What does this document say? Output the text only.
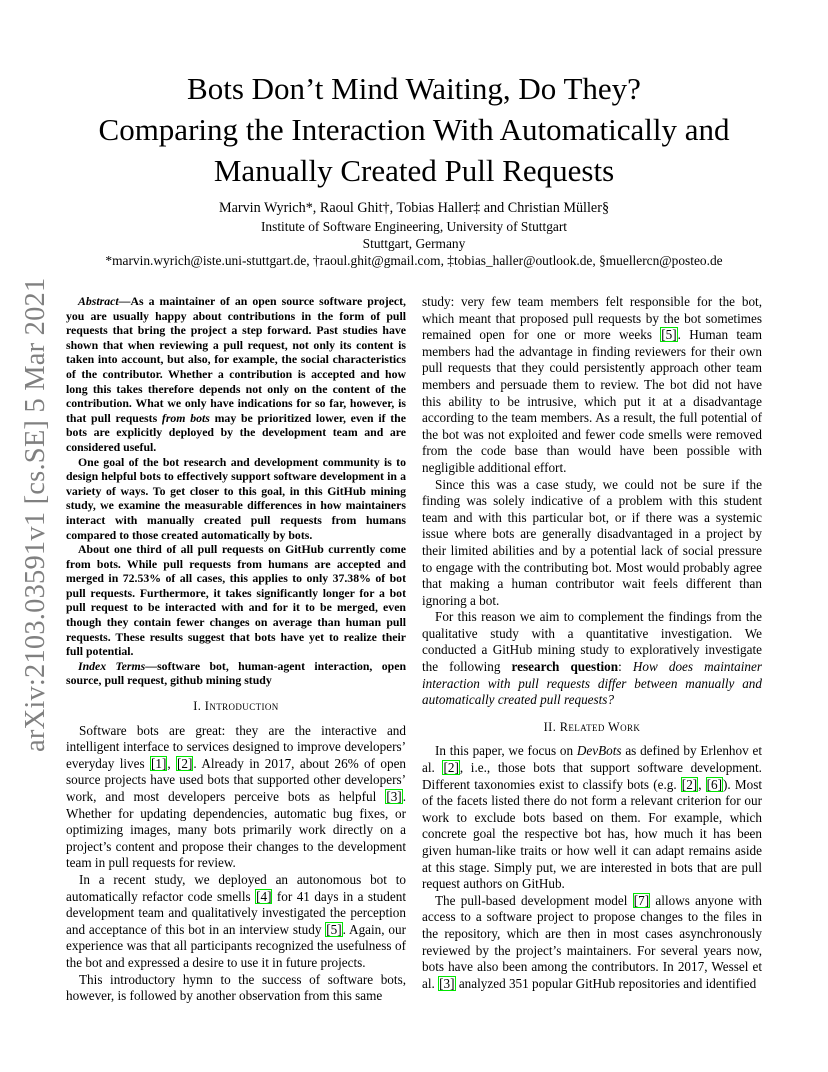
arXiv:2103.03591v1 [cs.SE] 5 Mar 2021
Bots Don’t Mind Waiting, Do They?
Comparing the Interaction With Automatically and
Manually Created Pull Requests
Marvin Wyrich*, Raoul Ghit†, Tobias Haller‡ and Christian Müller§
Institute of Software Engineering, University of Stuttgart
Stuttgart, Germany
*marvin.wyrich@iste.uni-stuttgart.de, †raoul.ghit@gmail.com, ‡tobias_haller@outlook.de, §muellercn@posteo.de

Abstract—As a maintainer of an open source software project, you are usually happy about contributions in the form of pull requests that bring the project a step forward. Past studies have shown that when reviewing a pull request, not only its content is taken into account, but also, for example, the social characteristics of the contributor. Whether a contribution is accepted and how long this takes therefore depends not only on the content of the contribution. What we only have indications for so far, however, is that pull requests from bots may be prioritized lower, even if the bots are explicitly deployed by the development team and are considered useful.

One goal of the bot research and development community is to design helpful bots to effectively support software development in a variety of ways. To get closer to this goal, in this GitHub mining study, we examine the measurable differences in how maintainers interact with manually created pull requests from humans compared to those created automatically by bots.

About one third of all pull requests on GitHub currently come from bots. While pull requests from humans are accepted and merged in 72.53% of all cases, this applies to only 37.38% of bot pull requests. Furthermore, it takes significantly longer for a bot pull request to be interacted with and for it to be merged, even though they contain fewer changes on average than human pull requests. These results suggest that bots have yet to realize their full potential.

Index Terms—software bot, human-agent interaction, open source, pull request, github mining study

I. Introduction

Software bots are great: they are the interactive and intelligent interface to services designed to improve developers’ everyday lives [1], [2]. Already in 2017, about 26% of open source projects have used bots that supported other developers’ work, and most developers perceive bots as helpful [3]. Whether for updating dependencies, automatic bug fixes, or optimizing images, many bots primarily work directly on a project’s content and propose their changes to the development team in pull requests for review.

In a recent study, we deployed an autonomous bot to automatically refactor code smells [4] for 41 days in a student development team and qualitatively investigated the perception and acceptance of this bot in an interview study [5]. Again, our experience was that all participants recognized the usefulness of the bot and expressed a desire to use it in future projects.

This introductory hymn to the success of software bots, however, is followed by another observation from this same

study: very few team members felt responsible for the bot, which meant that proposed pull requests by the bot sometimes remained open for one or more weeks [5]. Human team members had the advantage in finding reviewers for their own pull requests that they could persistently approach other team members and persuade them to review. The bot did not have this ability to be intrusive, which put it at a disadvantage according to the team members. As a result, the full potential of the bot was not exploited and fewer code smells were removed from the code base than would have been possible with negligible additional effort.

Since this was a case study, we could not be sure if the finding was solely indicative of a problem with this student team and with this particular bot, or if there was a systemic issue where bots are generally disadvantaged in a project by their limited abilities and by a potential lack of social pressure to engage with the contributing bot. Most would probably agree that making a human contributor wait feels different than ignoring a bot.

For this reason we aim to complement the findings from the qualitative study with a quantitative investigation. We conducted a GitHub mining study to exploratively investigate the following research question: How does maintainer interaction with pull requests differ between manually and automatically created pull requests?

II. Related Work

In this paper, we focus on DevBots as defined by Erlenhov et al. [2], i.e., those bots that support software development. Different taxonomies exist to classify bots (e.g. [2], [6]). Most of the facets listed there do not form a relevant criterion for our work to exclude bots based on them. For example, which concrete goal the respective bot has, how much it has been given human-like traits or how well it can adapt remains aside at this stage. Simply put, we are interested in bots that are pull request authors on GitHub.

The pull-based development model [7] allows anyone with access to a software project to propose changes to the files in the repository, which are then in most cases asynchronously reviewed by the project’s maintainers. For several years now, bots have also been among the contributors. In 2017, Wessel et al. [3] analyzed 351 popular GitHub repositories and identified
